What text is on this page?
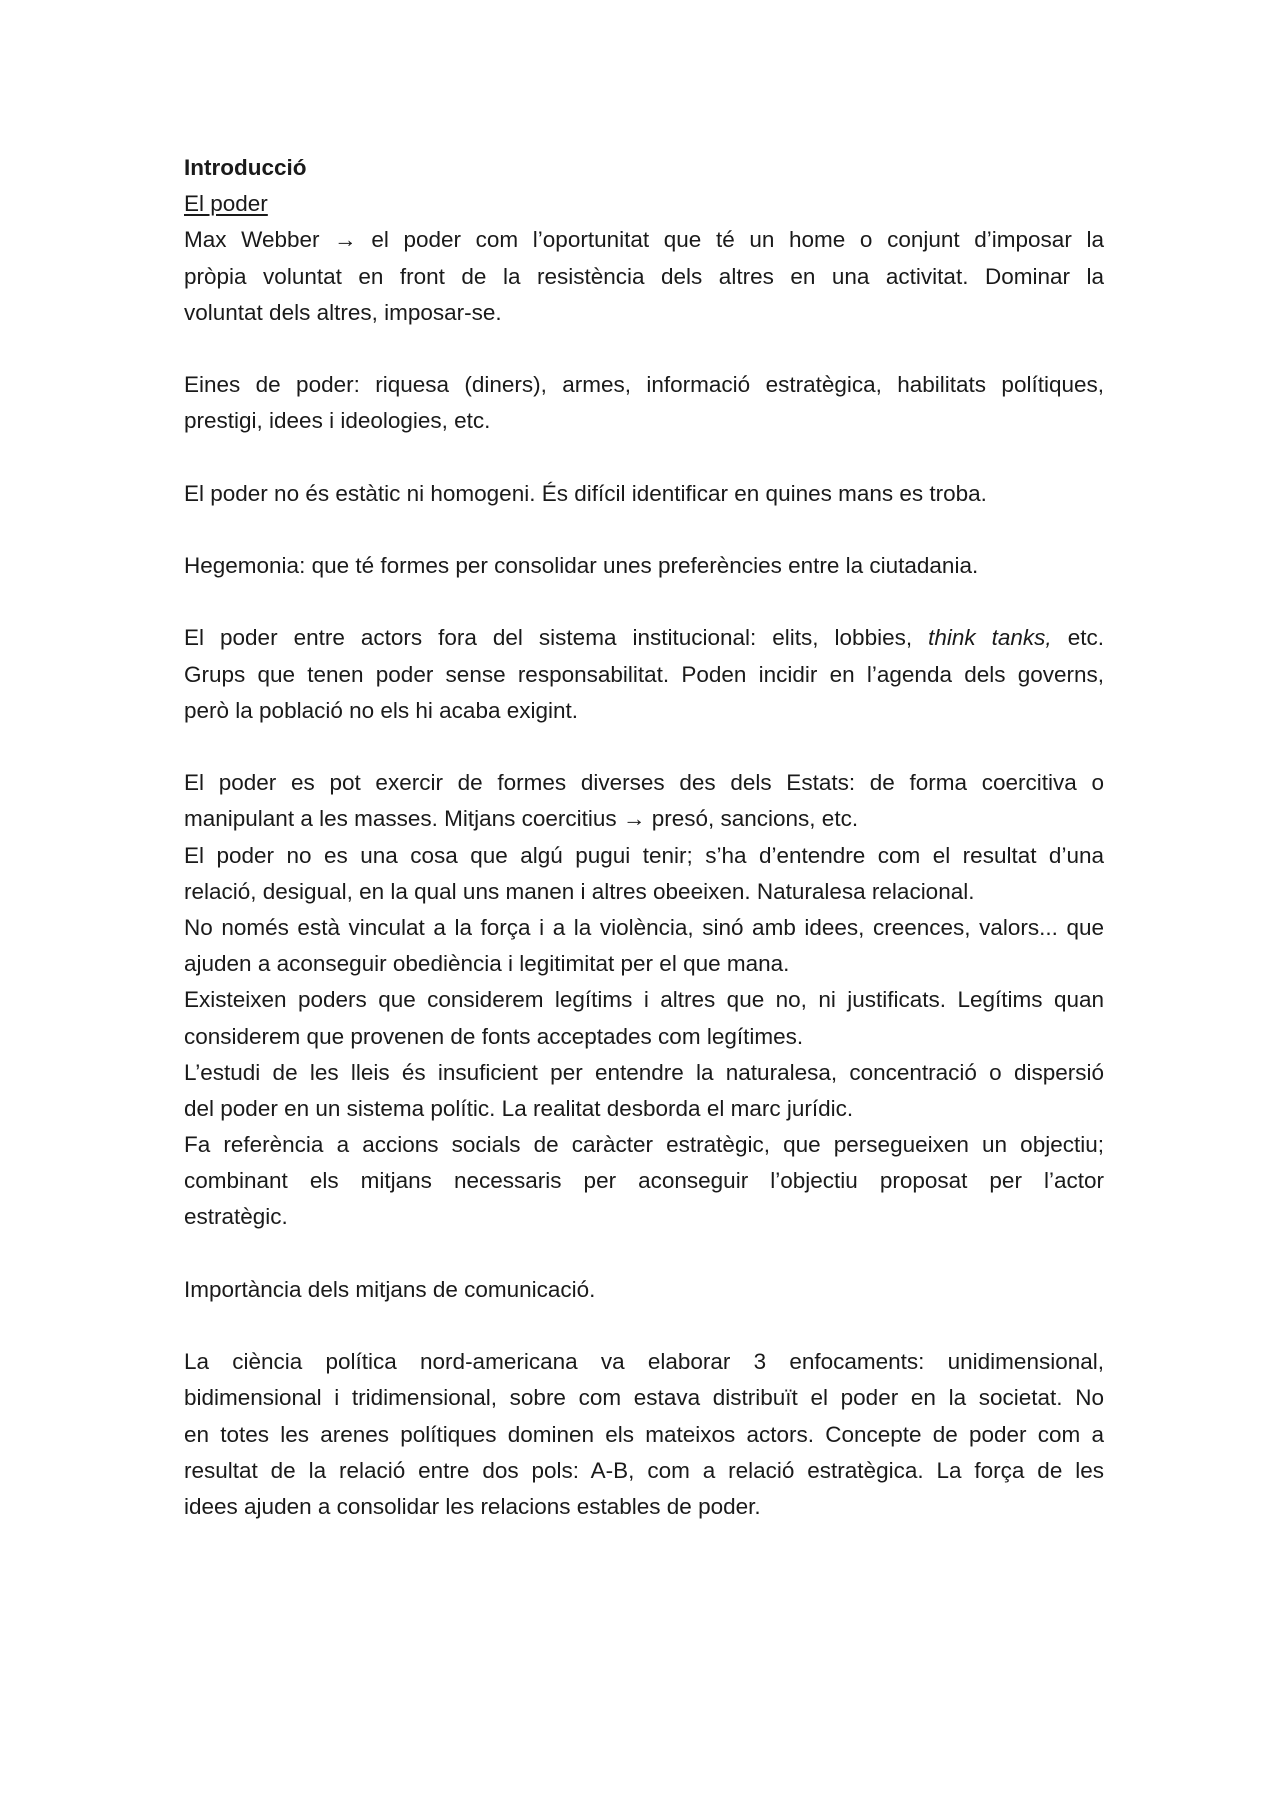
Introducció
El poder
Max Webber → el poder com l’oportunitat que té un home o conjunt d’imposar la
pròpia voluntat en front de la resistència dels altres en una activitat. Dominar la
voluntat dels altres, imposar-se.
Eines de poder: riquesa (diners), armes, informació estratègica, habilitats polítiques,
prestigi, idees i ideologies, etc.
El poder no és estàtic ni homogeni. És difícil identificar en quines mans es troba.
Hegemonia: que té formes per consolidar unes preferències entre la ciutadania.
El poder entre actors fora del sistema institucional: elits, lobbies, think tanks, etc.
Grups que tenen poder sense responsabilitat. Poden incidir en l’agenda dels governs,
però la població no els hi acaba exigint.
El poder es pot exercir de formes diverses des dels Estats: de forma coercitiva o
manipulant a les masses. Mitjans coercitius → presó, sancions, etc.
El poder no es una cosa que algú pugui tenir; s’ha d’entendre com el resultat d’una
relació, desigual, en la qual uns manen i altres obeeixen. Naturalesa relacional.
No només està vinculat a la força i a la violència, sinó amb idees, creences, valors... que
ajuden a aconseguir obediència i legitimitat per el que mana.
Existeixen poders que considerem legítims i altres que no, ni justificats. Legítims quan
considerem que provenen de fonts acceptades com legítimes.
L’estudi de les lleis és insuficient per entendre la naturalesa, concentració o dispersió
del poder en un sistema polític. La realitat desborda el marc jurídic.
Fa referència a accions socials de caràcter estratègic, que persegueixen un objectiu;
combinant els mitjans necessaris per aconseguir l’objectiu proposat per l’actor
estratègic.
Importància dels mitjans de comunicació.
La ciència política nord-americana va elaborar 3 enfocaments: unidimensional,
bidimensional i tridimensional, sobre com estava distribuït el poder en la societat. No
en totes les arenes polítiques dominen els mateixos actors. Concepte de poder com a
resultat de la relació entre dos pols: A-B, com a relació estratègica. La força de les
idees ajuden a consolidar les relacions estables de poder.
